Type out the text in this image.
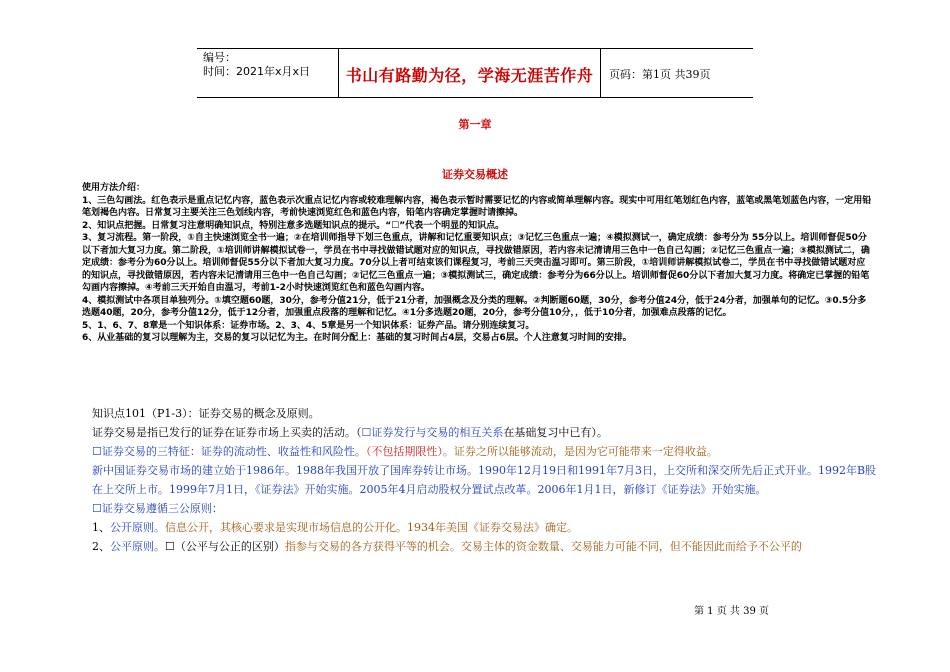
编号：
时间：2021年x月x日	书山有路勤为径，学海无涯苦作舟	页码：第1页 共39页
第一章
证券交易概述

使用方法介绍：

1、三色勾画法。红色表示是重点记忆内容，蓝色表示次重点记忆内容或较难理解内容，褐色表示暂时需要记忆的内容或简单理解内容。现实中可用红笔划红色内容，蓝笔或黑笔划蓝色内容，一定用铅笔划褐色内容。日常复习主要关注三色划线内容，考前快速浏览红色和蓝色内容，铅笔内容确定掌握时请擦掉。

2、知识点把握。日常复习注意明确知识点，特别注意多选题知识点的提示。“☐”代表一个明显的知识点。

3、复习流程。第一阶段，①自主快速浏览全书一遍；②在培训师指导下划三色重点，讲解和记忆重要知识点；③记忆三色重点一遍；④模拟测试一，确定成绩：参考分为 55分以上。培训师督促50分以下者加大复习力度。第二阶段，①培训师讲解模拟试卷一，学员在书中寻找做错试题对应的知识点，寻找做错原因，若内容未记清请用三色中一色自己勾画；②记忆三色重点一遍；③模拟测试二，确定成绩：参考分为60分以上。培训师督促55分以下者加大复习力度。70分以上者可结束该们课程复习，考前三天突击温习即可。第三阶段，①培训师讲解模拟试卷二，学员在书中寻找做错试题对应的知识点，寻找做错原因，若内容未记清请用三色中一色自己勾画；②记忆三色重点一遍；③模拟测试三，确定成绩：参考分为66分以上。培训师督促60分以下者加大复习力度。将确定已掌握的铅笔勾画内容擦掉。④考前三天开始自由温习，考前1-2小时快速浏览红色和蓝色勾画内容。

4、模拟测试中各项目单独列分。①填空题60题，30分，参考分值21分，低于21分者，加强概念及分类的理解。②判断题60题，30分，参考分值24分，低于24分者，加强单句的记忆。③0.5分多选题40题，20分，参考分值12分，低于12分者，加强重点段落的理解和记忆。④1分多选题20题，20分，参考分值10分，，低于10分者，加强难点段落的记忆。

5、1、6、7、8章是一个知识体系：证券市场。2、3、4、5章是另一个知识体系：证券产品。请分别连续复习。

6、从业基础的复习以理解为主，交易的复习以记忆为主。在时间分配上：基础的复习时间占4层，交易占6层。个人注意复习时间的安排。

知识点101（P1-3）：证券交易的概念及原则。

证券交易是指已发行的证券在证券市场上买卖的活动。（☐证券发行与交易的相互关系在基础复习中已有）。

☐证券交易的三特征：证券的流动性、收益性和风险性。（不包括期限性）。证券之所以能够流动，是因为它可能带来一定得收益。

新中国证券交易市场的建立始于1986年。1988年我国开放了国库券转让市场。1990年12月19日和1991年7月3日，上交所和深交所先后正式开业。1992年B股在上交所上市。1999年7月1日，《证券法》开始实施。2005年4月启动股权分置试点改革。2006年1月1日，新修订《证券法》开始实施。

☐证券交易遵循三公原则：

1、公开原则。信息公开，其核心要求是实现市场信息的公开化。1934年美国《证券交易法》确定。

2、公平原则。☐（公平与公正的区别）指参与交易的各方获得平等的机会。交易主体的资金数量、交易能力可能不同，但不能因此而给予不公平的

第 1 页 共 39 页
